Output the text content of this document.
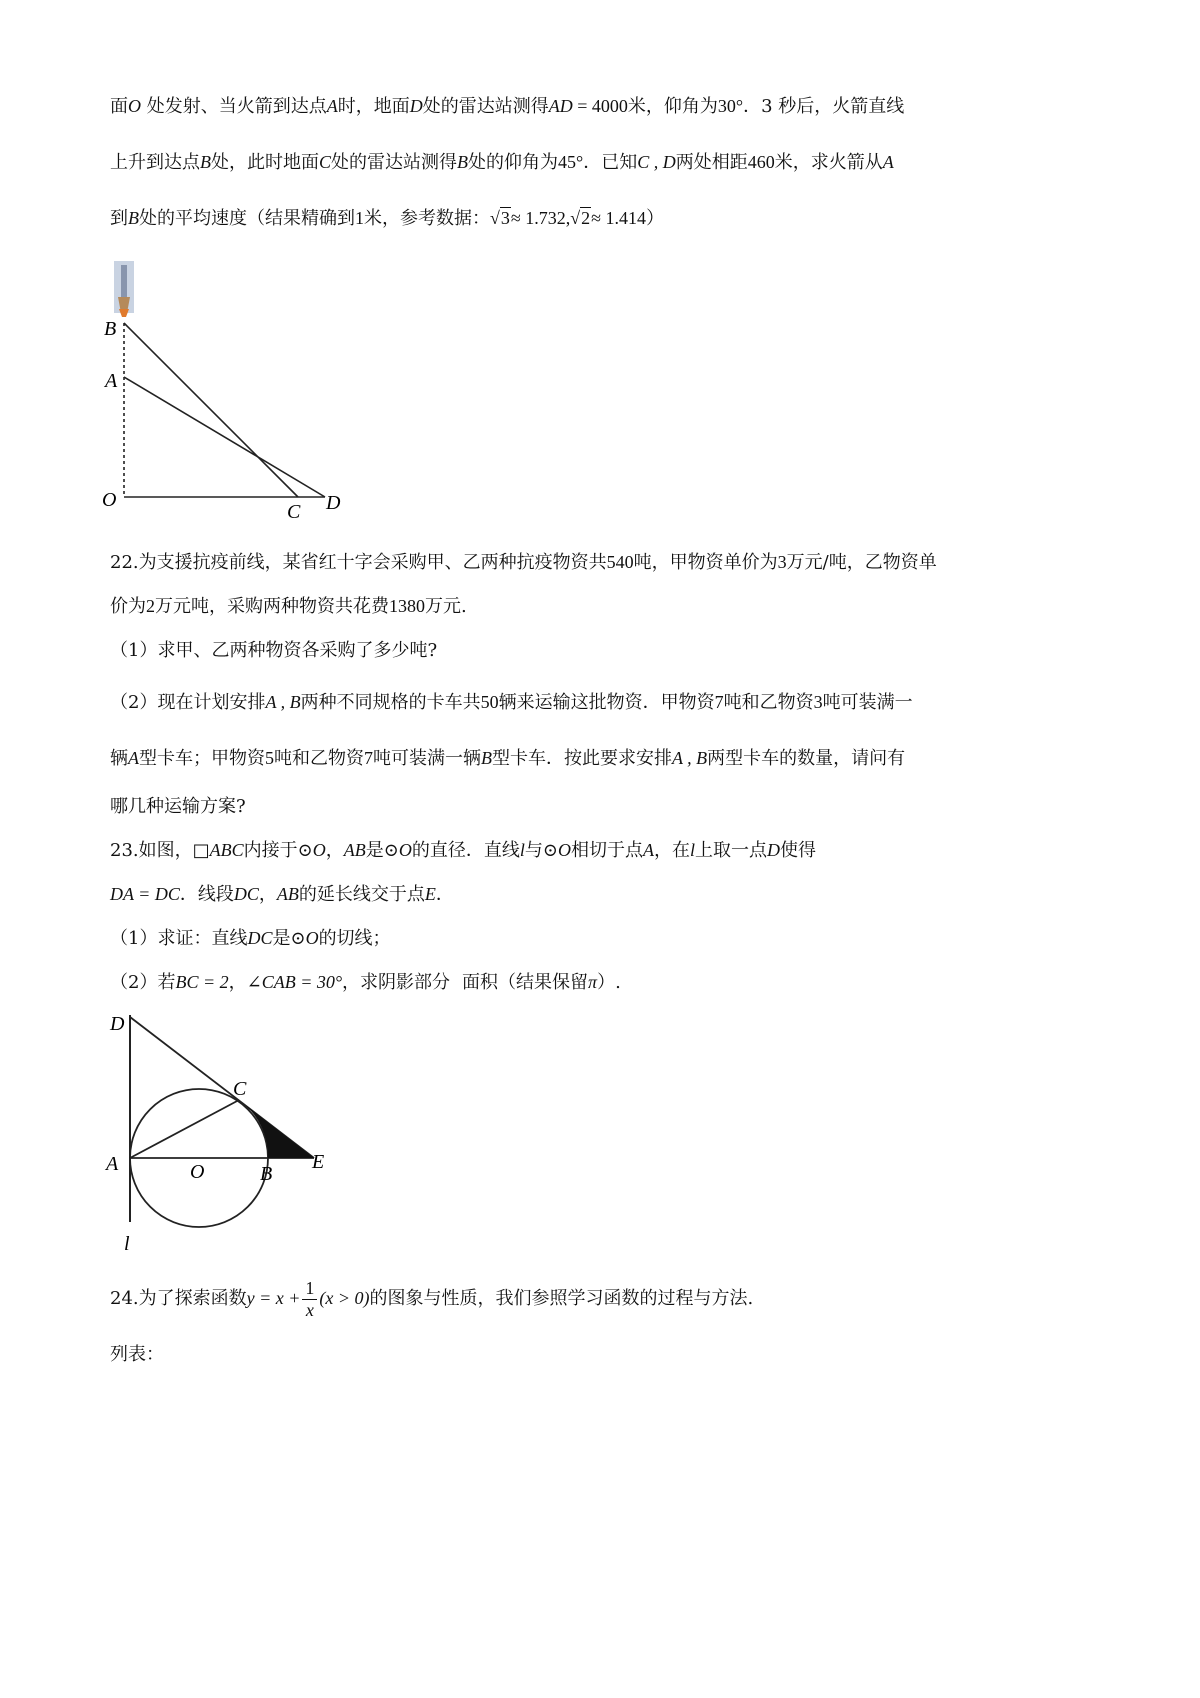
面O 处发射、当火箭到达点A时，地面D处的雷达站测得AD = 4000米，仰角为30°．3 秒后，火箭直线
上升到达点B处，此时地面C处的雷达站测得B处的仰角为45°．已知C , D两处相距460米，求火箭从A
到B处的平均速度（结果精确到1米，参考数据：√3≈ 1.732,√2≈ 1.414）
B
A
O
C D
22.为支援抗疫前线，某省红十字会采购甲、乙两种抗疫物资共540吨，甲物资单价为3万元/吨，乙物资单
价为2万元吨，采购两种物资共花费1380万元.
（1）求甲、乙两种物资各采购了多少吨?
（2）现在计划安排A , B两种不同规格的卡车共50辆来运输这批物资．甲物资7吨和乙物资3吨可装满一
辆A型卡车；甲物资5吨和乙物资7吨可装满一辆B型卡车．按此要求安排A , B两型卡车的数量，请问有
哪几种运输方案?
23.如图，□ABC内接于⊙O，AB是⊙O的直径．直线l与⊙O相切于点A，在l上取一点D使得
DA = DC．线段DC，AB的延长线交于点E．
（1）求证：直线DC是⊙O的切线；
（2）若BC = 2，∠CAB = 30°，求阴影部分 面积（结果保留π）.
D
C
A	O	B
E
l
24.为了探索函数$y = x + \frac{1}{x} (x > 0)$的图象与性质，我们参照学习函数的过程与方法.
列表：
